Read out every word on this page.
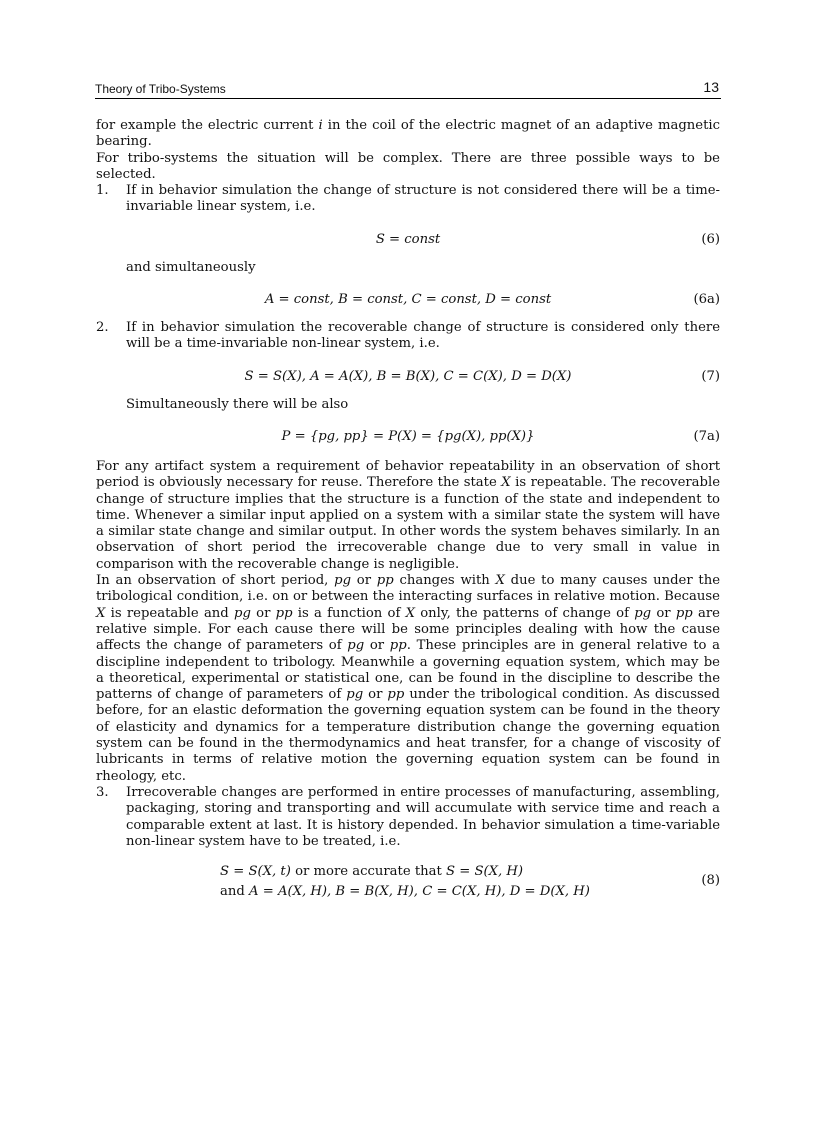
Theory of Tribo-Systems	13

for example the electric current i in the coil of the electric magnet of an adaptive magnetic bearing.

For tribo-systems the situation will be complex. There are three possible ways to be selected.

1. If in behavior simulation the change of structure is not considered there will be a time-invariable linear system, i.e.
S = const	(6)

and simultaneously

A = const, B = const, C = const, D = const	(6a)
2. If in behavior simulation the recoverable change of structure is considered only there will be a time-invariable non-linear system, i.e.
S = S(X), A = A(X), B = B(X), C = C(X), D = D(X)	(7)

Simultaneously there will be also

P = {pg, pp} = P(X) = {pg(X), pp(X)}	(7a)

For any artifact system a requirement of behavior repeatability in an observation of short period is obviously necessary for reuse. Therefore the state X is repeatable. The recoverable change of structure implies that the structure is a function of the state and independent to time. Whenever a similar input applied on a system with a similar state the system will have a similar state change and similar output. In other words the system behaves similarly. In an observation of short period the irrecoverable change due to very small in value in comparison with the recoverable change is negligible.

In an observation of short period, pg or pp changes with X due to many causes under the tribological condition, i.e. on or between the interacting surfaces in relative motion. Because X is repeatable and pg or pp is a function of X only, the patterns of change of pg or pp are relative simple. For each cause there will be some principles dealing with how the cause affects the change of parameters of pg or pp. These principles are in general relative to a discipline independent to tribology. Meanwhile a governing equation system, which may be a theoretical, experimental or statistical one, can be found in the discipline to describe the patterns of change of parameters of pg or pp under the tribological condition. As discussed before, for an elastic deformation the governing equation system can be found in the theory of elasticity and dynamics for a temperature distribution change the governing equation system can be found in the thermodynamics and heat transfer, for a change of viscosity of lubricants in terms of relative motion the governing equation system can be found in rheology, etc.

3. Irrecoverable changes are performed in entire processes of manufacturing, assembling, packaging, storing and transporting and will accumulate with service time and reach a comparable extent at last. It is history depended. In behavior simulation a time-variable non-linear system have to be treated, i.e.
S = S(X, t) or more accurate that S = S(X, H)
and A = A(X, H), B = B(X, H), C = C(X, H), D = D(X, H)
(8)
